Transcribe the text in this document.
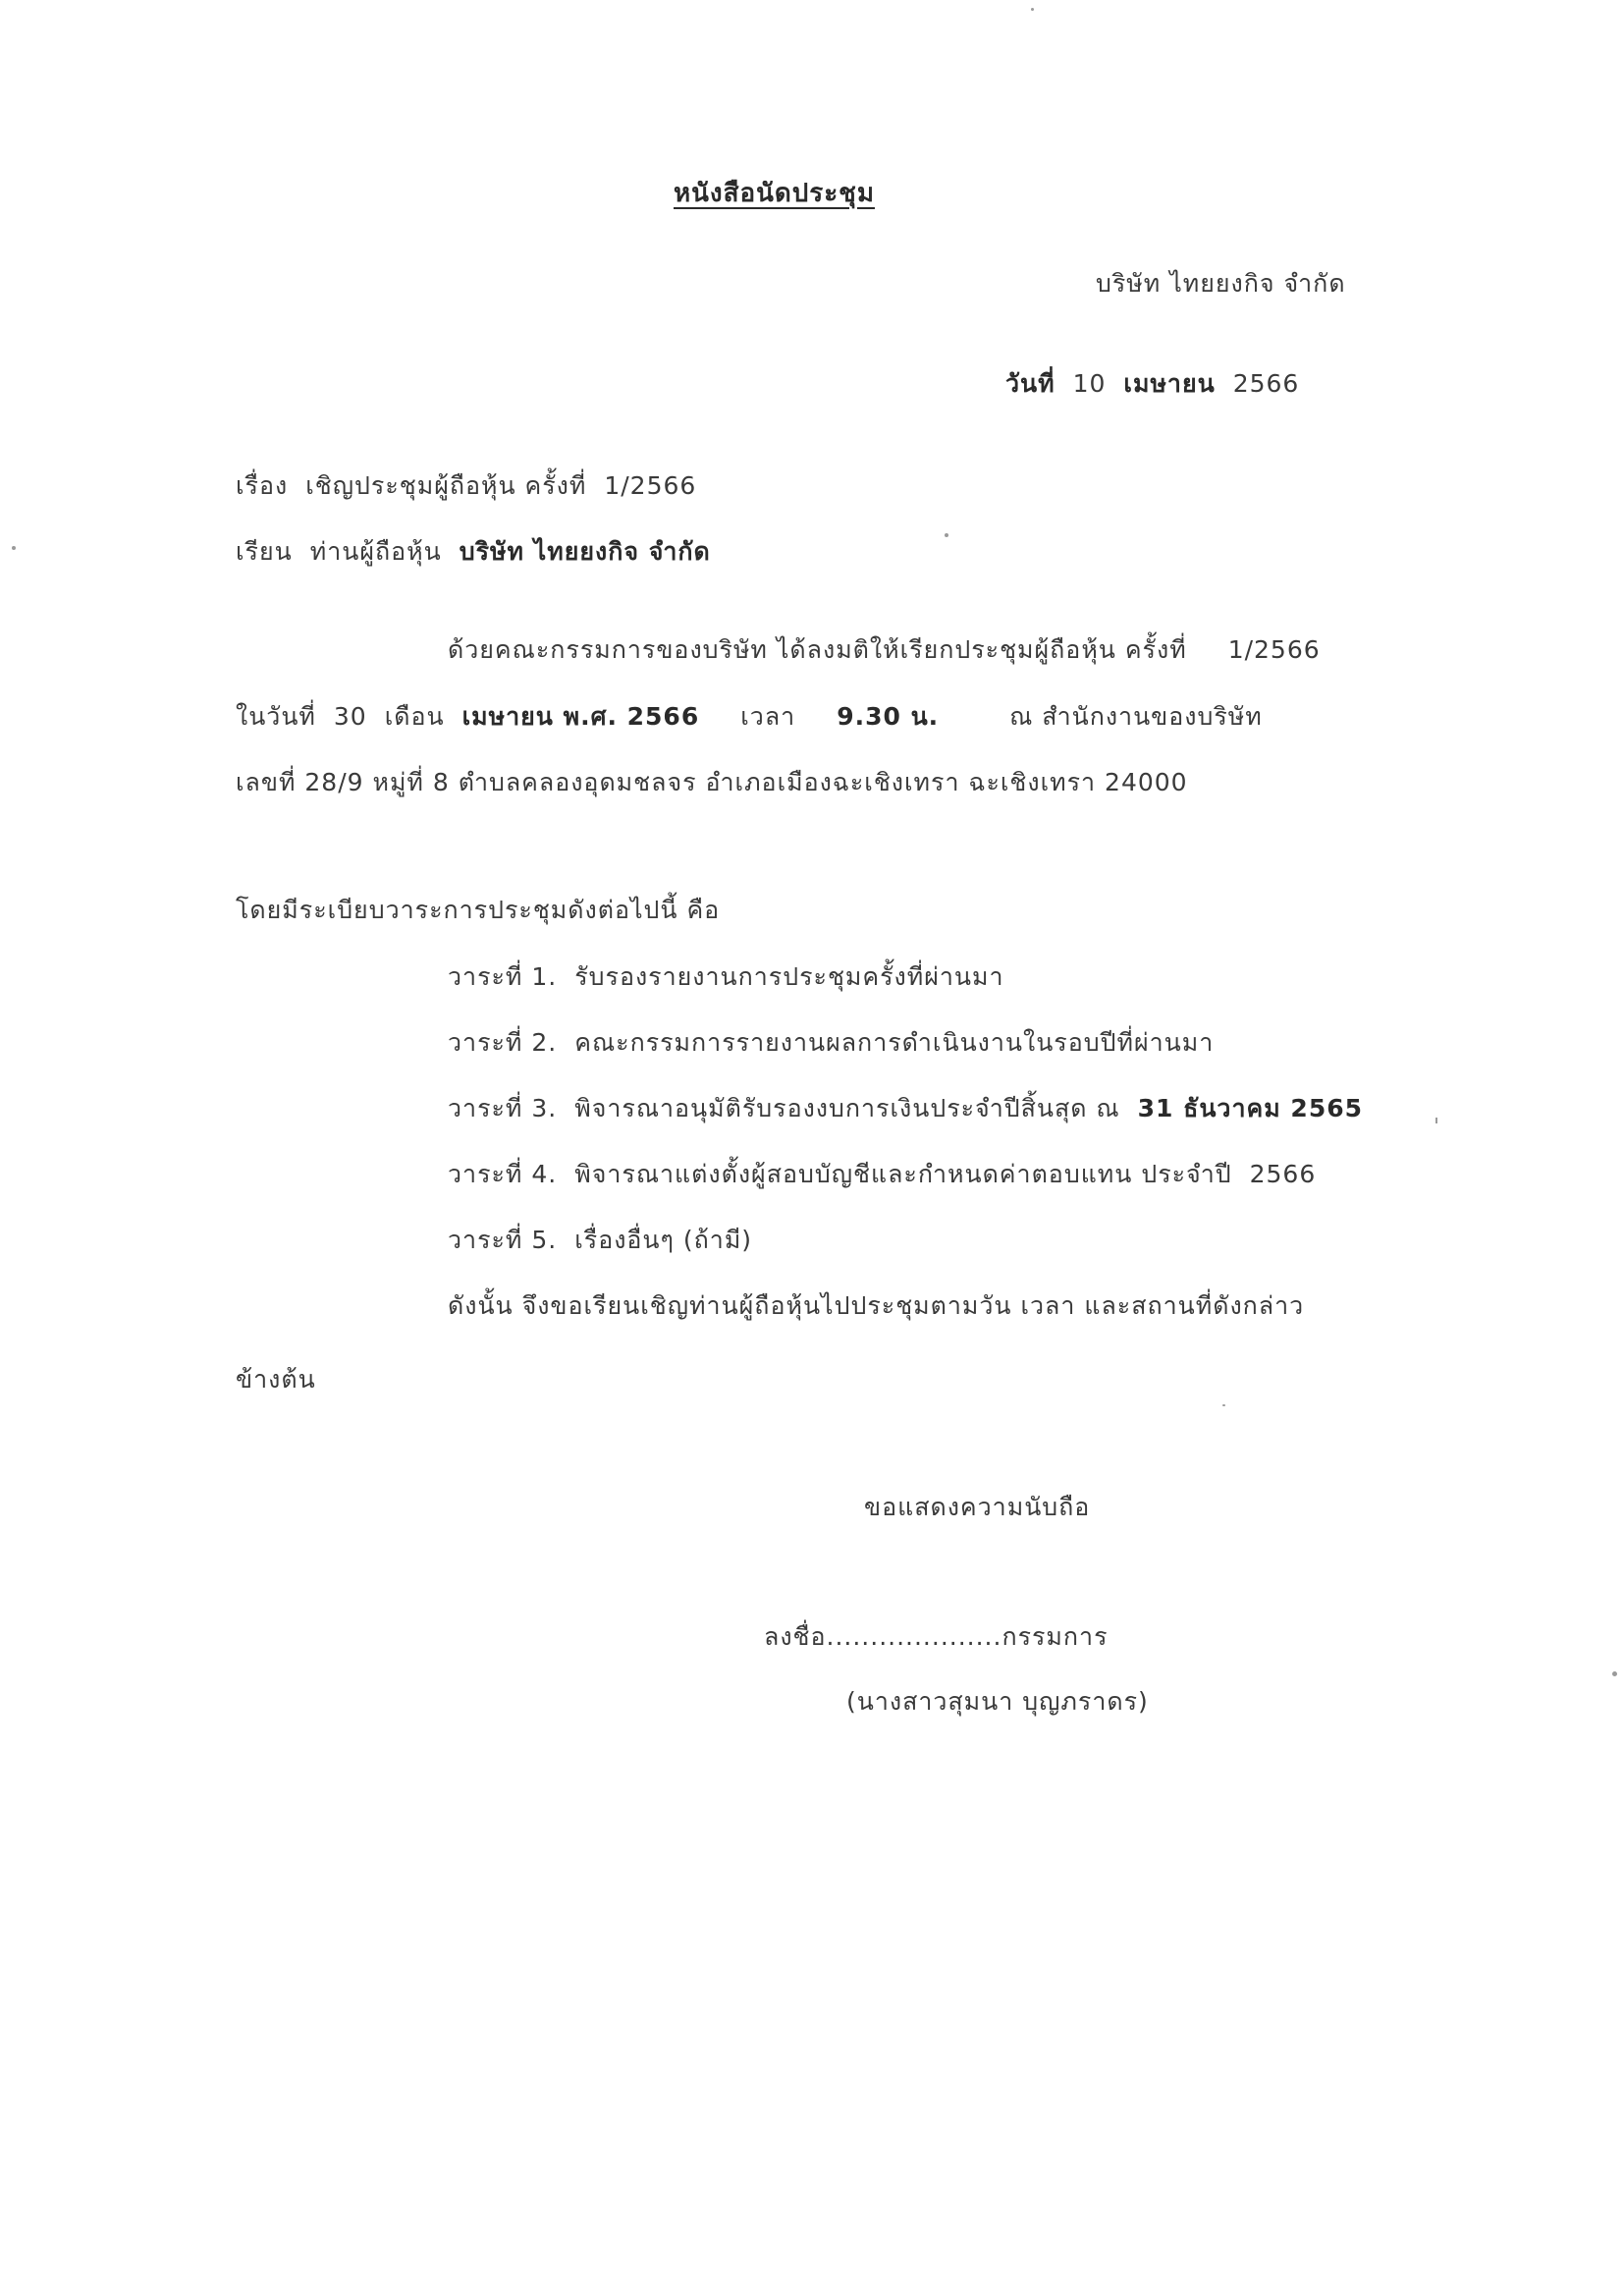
หนังสือนัดประชุม
บริษัท ไทยยงกิจ จำกัด
วันที่ 10 เมษายน 2566
เรื่อง เชิญประชุมผู้ถือหุ้น ครั้งที่ 1/2566
เรียน ท่านผู้ถือหุ้น บริษัท ไทยยงกิจ จำกัด
ด้วยคณะกรรมการของบริษัท ได้ลงมติให้เรียกประชุมผู้ถือหุ้น ครั้งที่ 1/2566
ในวันที่ 30 เดือน เมษายน พ.ศ. 2566 เวลา 9.30 น.	ณ สำนักงานของบริษัท
เลขที่ 28/9 หมู่ที่ 8 ตำบลคลองอุดมชลจร อำเภอเมืองฉะเชิงเทรา ฉะเชิงเทรา 24000
โดยมีระเบียบวาระการประชุมดังต่อไปนี้ คือ
วาระที่ 1. รับรองรายงานการประชุมครั้งที่ผ่านมา
วาระที่ 2. คณะกรรมการรายงานผลการดำเนินงานในรอบปีที่ผ่านมา
วาระที่ 3. พิจารณาอนุมัติรับรองงบการเงินประจำปีสิ้นสุด ณ 31 ธันวาคม 2565
วาระที่ 4. พิจารณาแต่งตั้งผู้สอบบัญชีและกำหนดค่าตอบแทน ประจำปี 2566
วาระที่ 5. เรื่องอื่นๆ (ถ้ามี)
ดังนั้น จึงขอเรียนเชิญท่านผู้ถือหุ้นไปประชุมตามวัน เวลา และสถานที่ดังกล่าว
ข้างต้น
ขอแสดงความนับถือ
ลงชื่อ....................กรรมการ
(นางสาวสุมนา บุญภราดร)
